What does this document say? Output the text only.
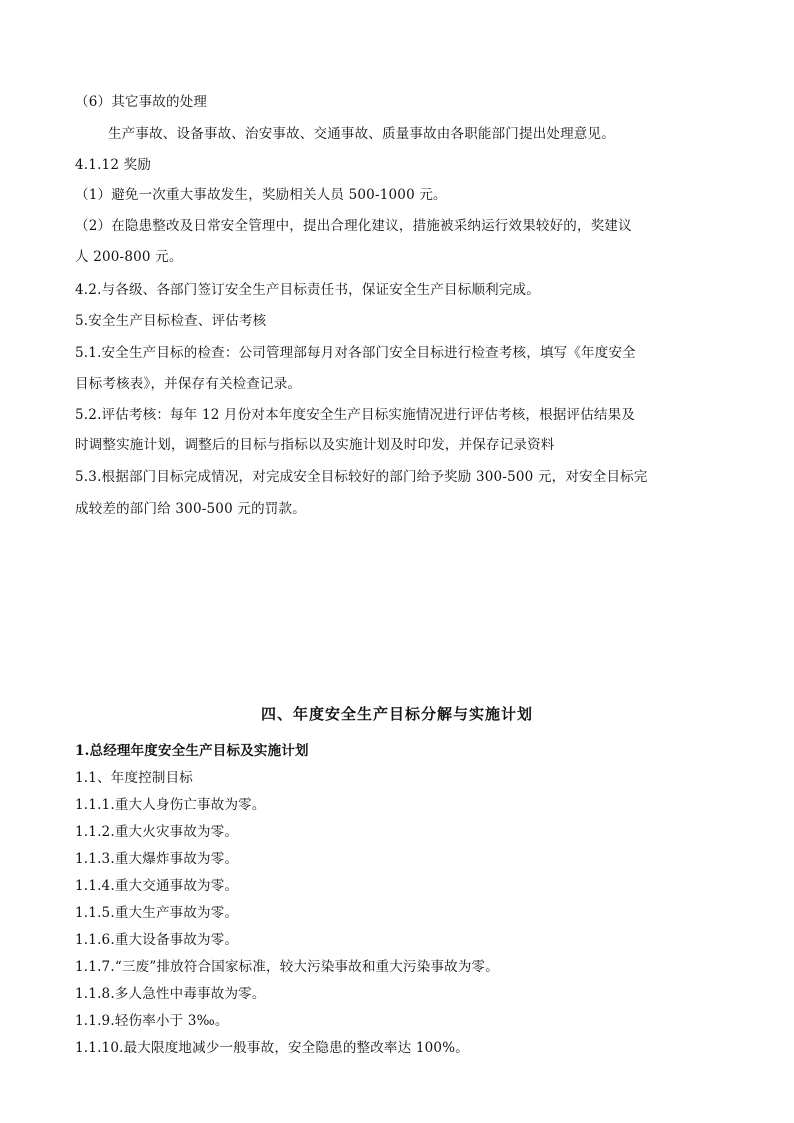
（6）其它事故的处理
生产事故、设备事故、治安事故、交通事故、质量事故由各职能部门提出处理意见。
4.1.12 奖励
（1）避免一次重大事故发生，奖励相关人员 500-1000 元。
（2）在隐患整改及日常安全管理中，提出合理化建议，措施被采纳运行效果较好的，奖建议
人 200-800 元。
4.2.与各级、各部门签订安全生产目标责任书，保证安全生产目标顺利完成。
5.安全生产目标检查、评估考核
5.1.安全生产目标的检查：公司管理部每月对各部门安全目标进行检查考核，填写《年度安全
目标考核表》，并保存有关检查记录。
5.2.评估考核：每年 12 月份对本年度安全生产目标实施情况进行评估考核，根据评估结果及
时调整实施计划，调整后的目标与指标以及实施计划及时印发，并保存记录资料
5.3.根据部门目标完成情况，对完成安全目标较好的部门给予奖励 300-500 元，对安全目标完
成较差的部门给 300-500 元的罚款。
四、年度安全生产目标分解与实施计划
1.总经理年度安全生产目标及实施计划
1.1、年度控制目标
1.1.1.重大人身伤亡事故为零。
1.1.2.重大火灾事故为零。
1.1.3.重大爆炸事故为零。
1.1.4.重大交通事故为零。
1.1.5.重大生产事故为零。
1.1.6.重大设备事故为零。
1.1.7.“三废”排放符合国家标准，较大污染事故和重大污染事故为零。
1.1.8.多人急性中毒事故为零。
1.1.9.轻伤率小于 3‰。
1.1.10.最大限度地减少一般事故，安全隐患的整改率达 100%。
